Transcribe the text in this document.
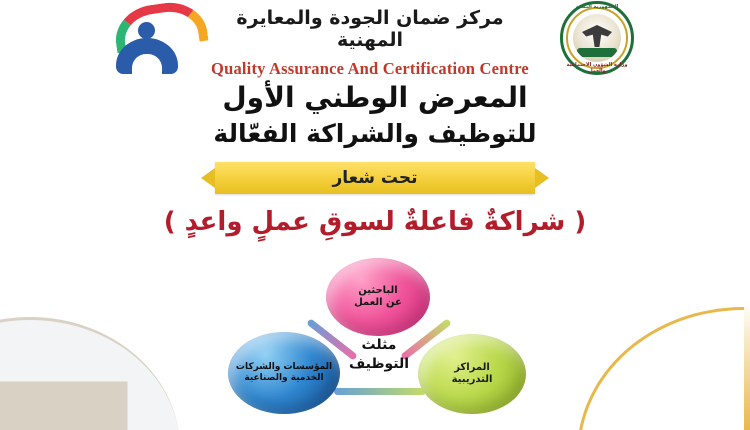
مركز ضمان الجودة والمعايرة المهنية
Quality Assurance And Certification Centre
الجمهورية اليمنية
وزارة الشؤون الاجتماعية والعمل
المعرض الوطني الأول
للتوظيف والشراكة الفعّالة
تحت شعار
( شراكةٌ فاعلةٌ لسوقِ عملٍ واعدٍ )
الباحثين
عن العمل
المؤسسات والشركات
الخدمية والصناعية
المراكز
التدريبية
مثلث
التوظيف
